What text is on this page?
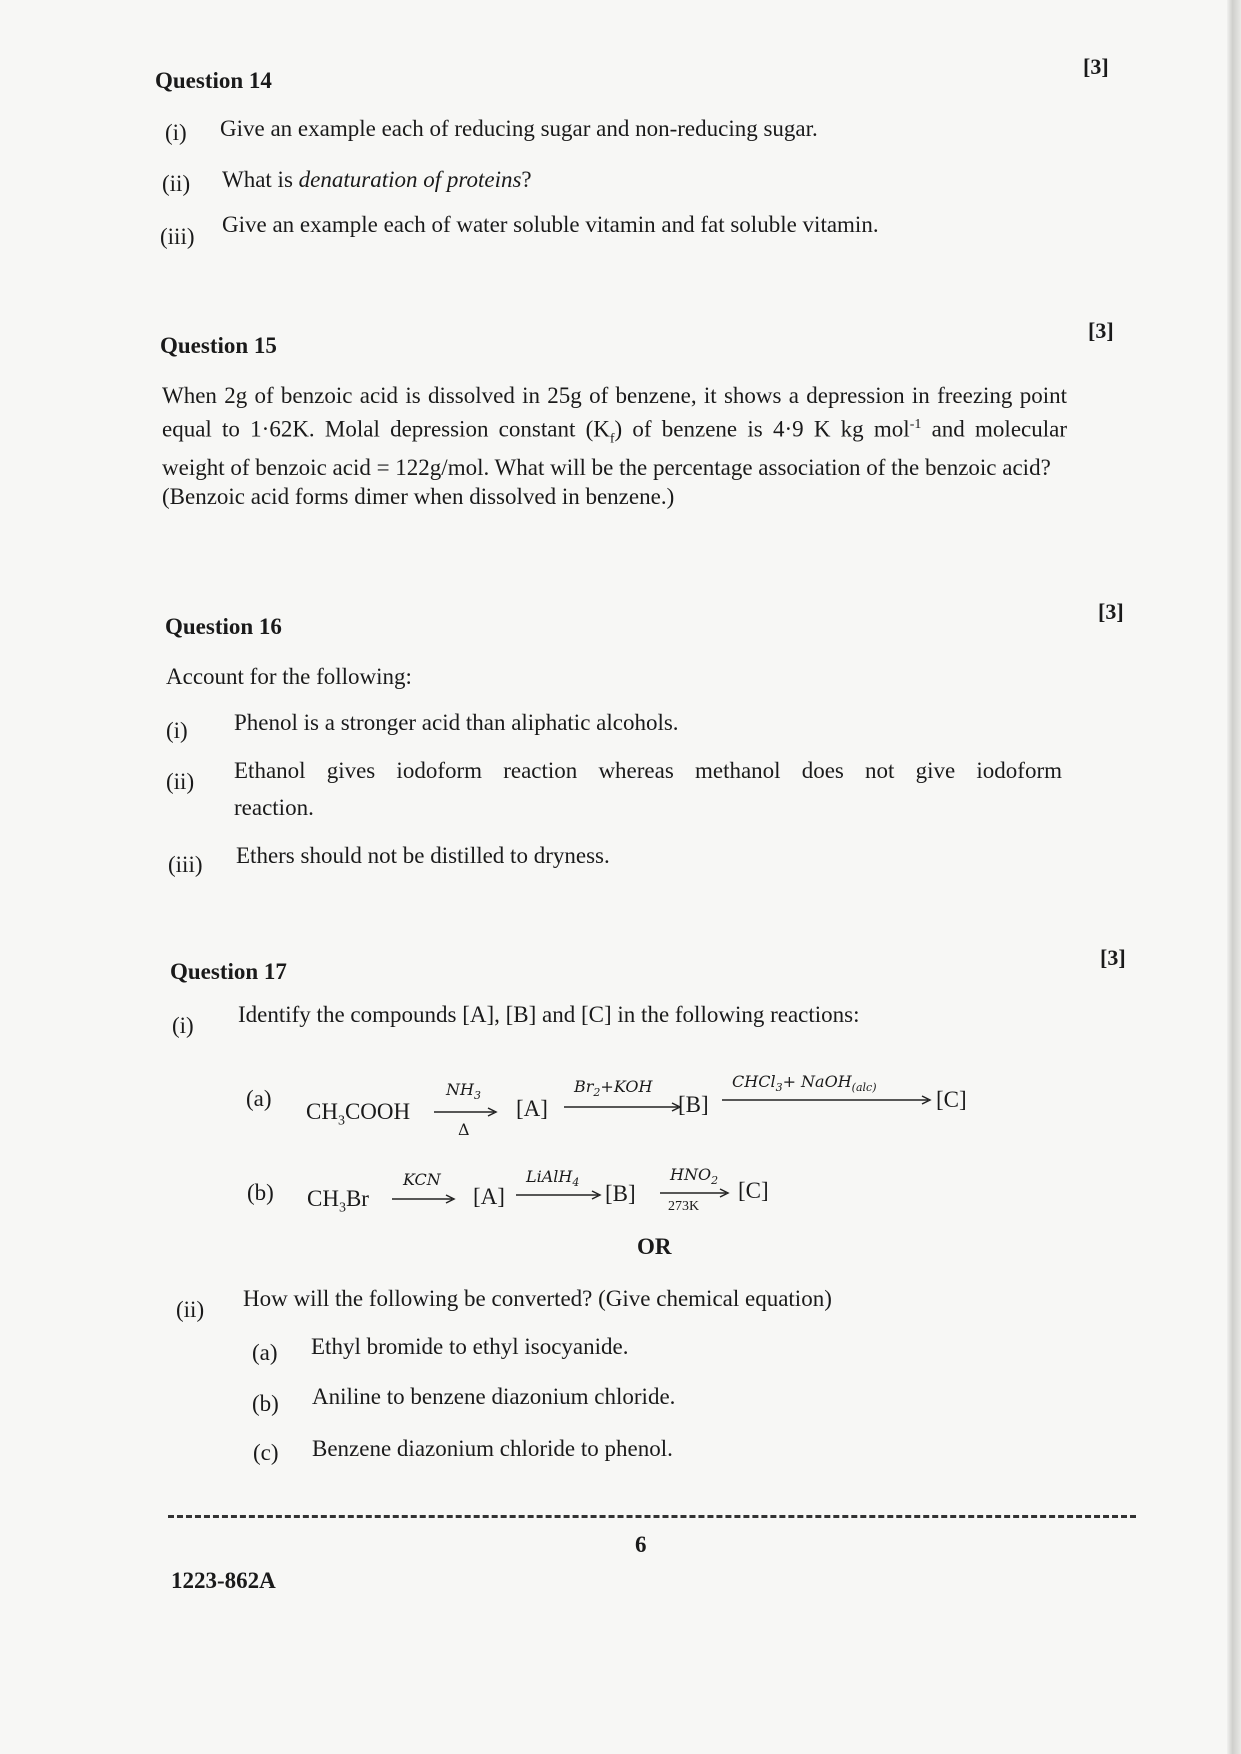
Question 14
[3]
(i) Give an example each of reducing sugar and non-reducing sugar.
(ii) What is denaturation of proteins?
(iii) Give an example each of water soluble vitamin and fat soluble vitamin.
Question 15
[3]

When 2g of benzoic acid is dissolved in 25g of benzene, it shows a depression in freezing point equal to 1·62K. Molal depression constant $(K_f)$ of benzene is 4·9 K kg mol$^{-1}$ and molecular weight of benzoic acid = 122g/mol. What will be the percentage association of the benzoic acid?

(Benzoic acid forms dimer when dissolved in benzene.)

Question 16
[3]
Account for the following:
(i) Phenol is a stronger acid than aliphatic alcohols.
(ii) Ethanol gives iodoform reaction whereas methanol does not give iodoform
reaction.
(iii) Ethers should not be distilled to dryness.
Question 17
[3]
(i) Identify the compounds [A], [B] and [C] in the following reactions:
(a)
$CH_3COOH$
$NH_3$
Δ
[A]
$Br_2+KOH$
[B]
CHCl$_3$+ NaOH$_{(alc)}$	[C]
(b) $CH_3Br$
KCN
[A]
LiAlH$_4$ [B]
$HNO_2$
273K
[C]
OR
(ii) How will the following be converted? (Give chemical equation)
(a) Ethyl bromide to ethyl isocyanide.
(b) Aniline to benzene diazonium chloride.
(c) Benzene diazonium chloride to phenol.
6
1223-862A
